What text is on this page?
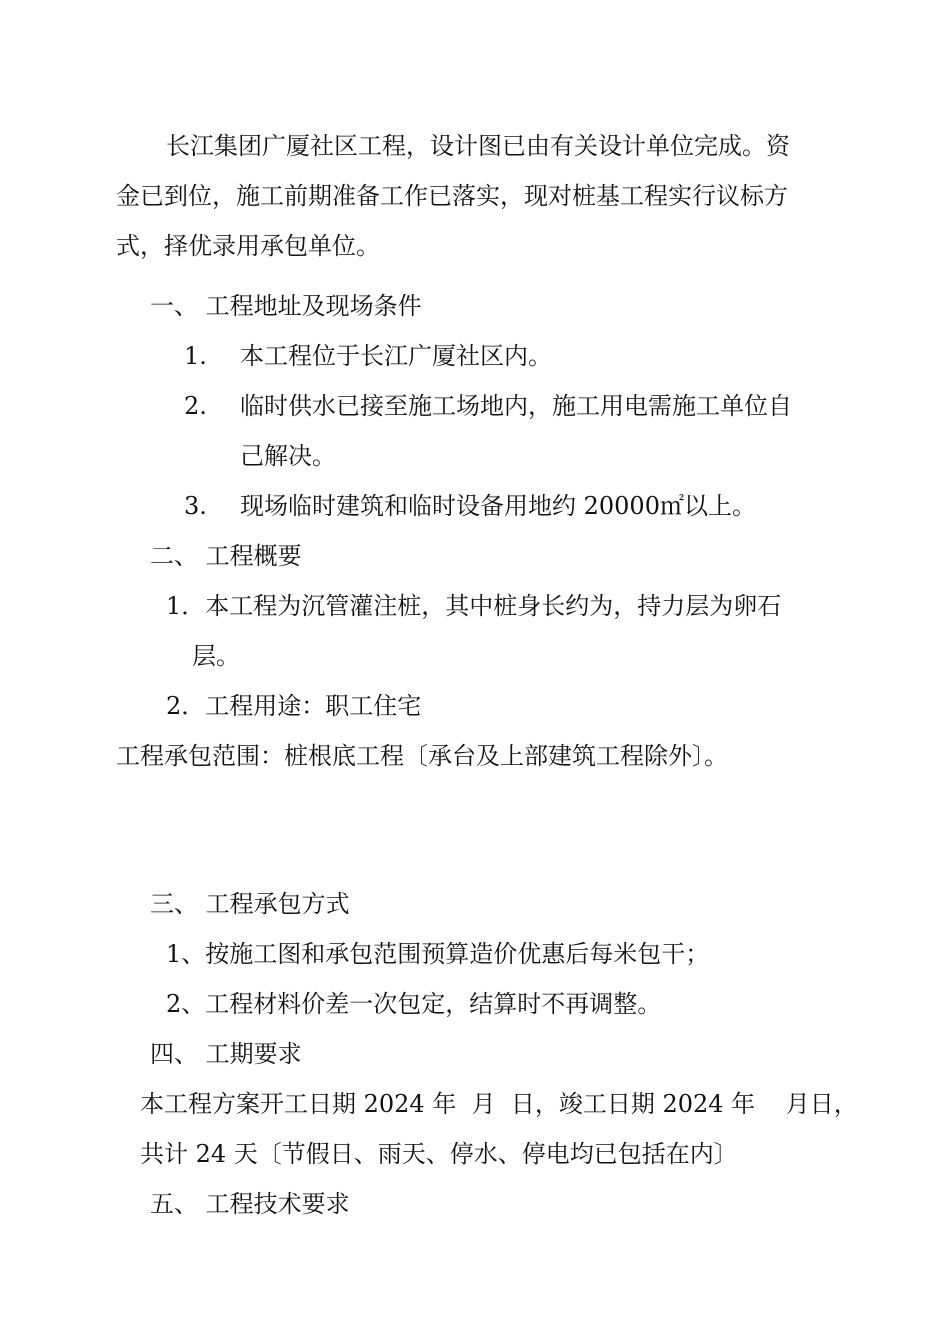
长江集团广厦社区工程，设计图已由有关设计单位完成。资
金已到位，施工前期准备工作已落实，现对桩基工程实行议标方
式，择优录用承包单位。
一、 工程地址及现场条件
1. 本工程位于长江广厦社区内。
2. 临时供水已接至施工场地内，施工用电需施工单位自
己解决。
3. 现场临时建筑和临时设备用地约 20000㎡以上。
二、 工程概要
1．本工程为沉管灌注桩，其中桩身长约为，持力层为卵石
层。
2．工程用途：职工住宅
工程承包范围：桩根底工程〔承台及上部建筑工程除外〕。
三、 工程承包方式
1、按施工图和承包范围预算造价优惠后每米包干；
2、工程材料价差一次包定，结算时不再调整。
四、 工期要求
本工程方案开工日期 2024 年  月  日，竣工日期 2024 年    月日，
共计 24 天〔节假日、雨天、停水、停电均已包括在内〕
五、 工程技术要求
